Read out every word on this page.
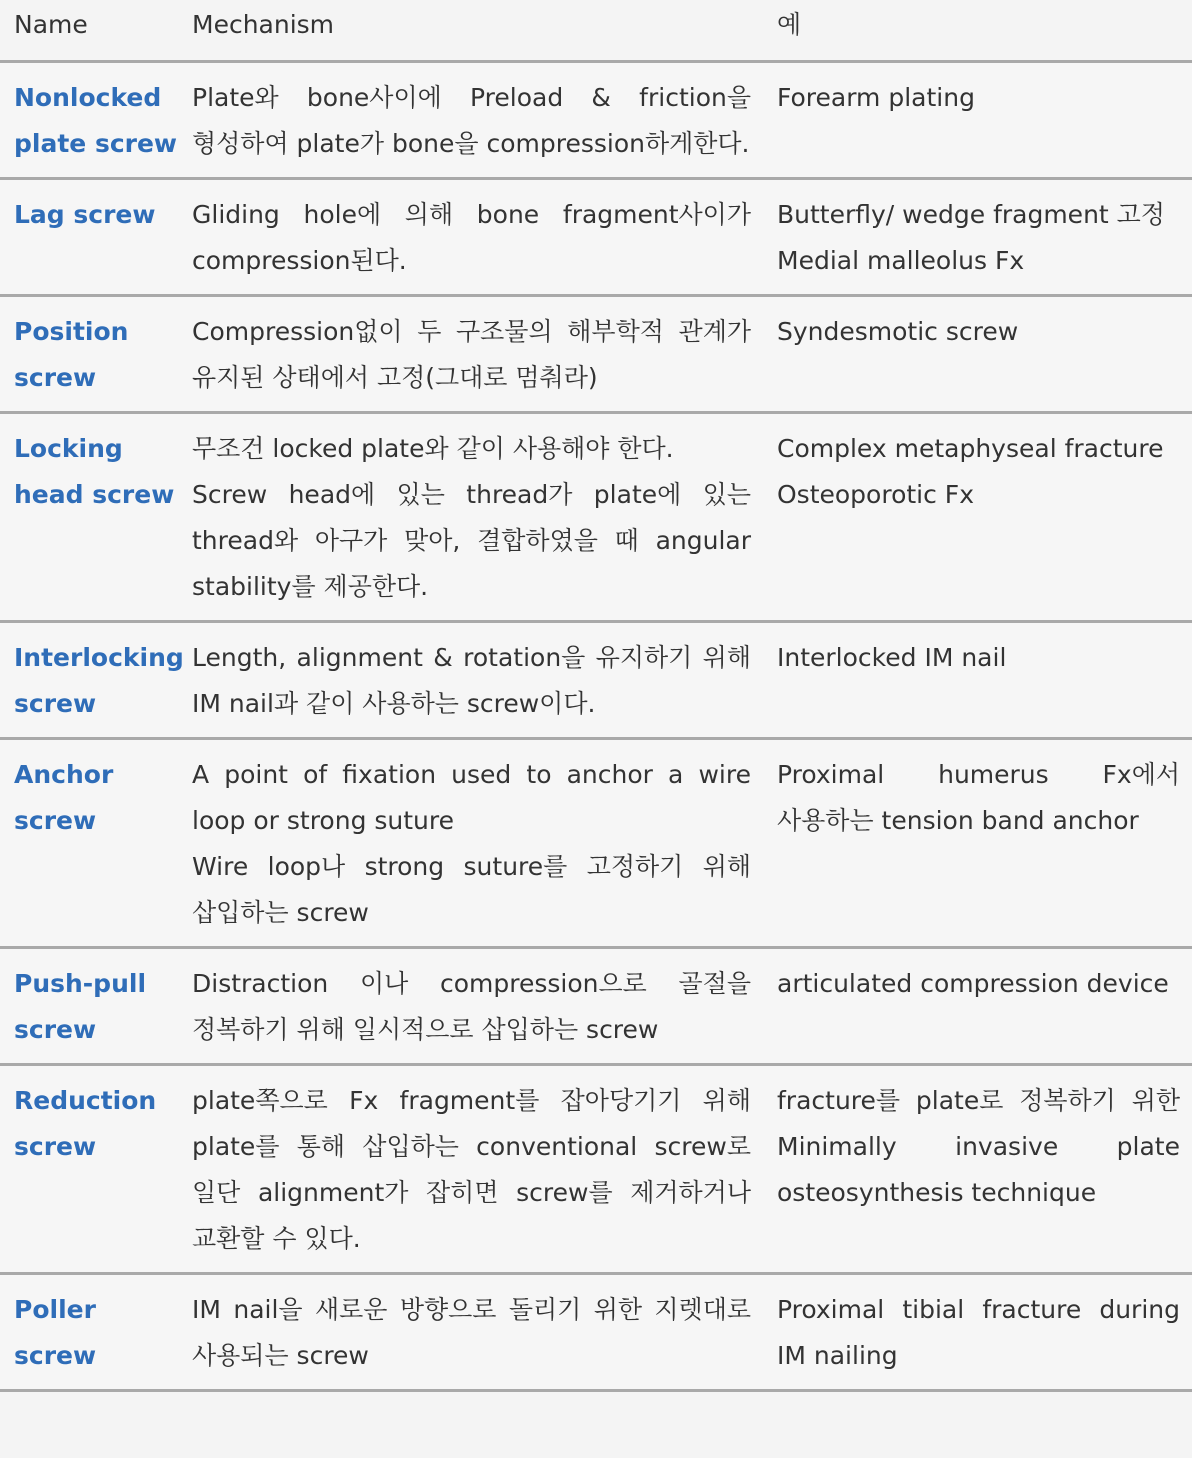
Name	Mechanism	예
Nonlocked plate screw	Plate와 bone사이에 Preload & friction을 형성하여 plate가 bone을 compression하게한다.	Forearm plating

Lag screw	Gliding hole에 의해 bone fragment사이가 compression된다.	Butterfly/ wedge fragment 고정
Medial malleolus Fx

Position screw	Compression없이 두 구조물의 해부학적 관계가 유지된 상태에서 고정(그대로 멈춰라)	Syndesmotic screw

Locking head screw	무조건 locked plate와 같이 사용해야 한다.
Screw head에 있는 thread가 plate에 있는 thread와 아구가 맞아, 결합하였을 때 angular stability를 제공한다.	Complex metaphyseal fracture
Osteoporotic Fx

Interlocking screw	Length, alignment & rotation을 유지하기 위해 IM nail과 같이 사용하는 screw이다.	Interlocked IM nail

Anchor screw	A point of fixation used to anchor a wire loop or strong suture
Wire loop나 strong suture를 고정하기 위해 삽입하는 screw	Proximal humerus Fx에서 사용하는 tension band anchor

Push-pull screw	Distraction 이나 compression으로 골절을 정복하기 위해 일시적으로 삽입하는 screw	articulated compression device

Reduction screw	plate쪽으로 Fx fragment를 잡아당기기 위해 plate를 통해 삽입하는 conventional screw로 일단 alignment가 잡히면 screw를 제거하거나 교환할 수 있다.	fracture를 plate로 정복하기 위한 Minimally invasive plate osteosynthesis technique

Poller screw	IM nail을 새로운 방향으로 돌리기 위한 지렛대로 사용되는 screw	Proximal tibial fracture during IM nailing
